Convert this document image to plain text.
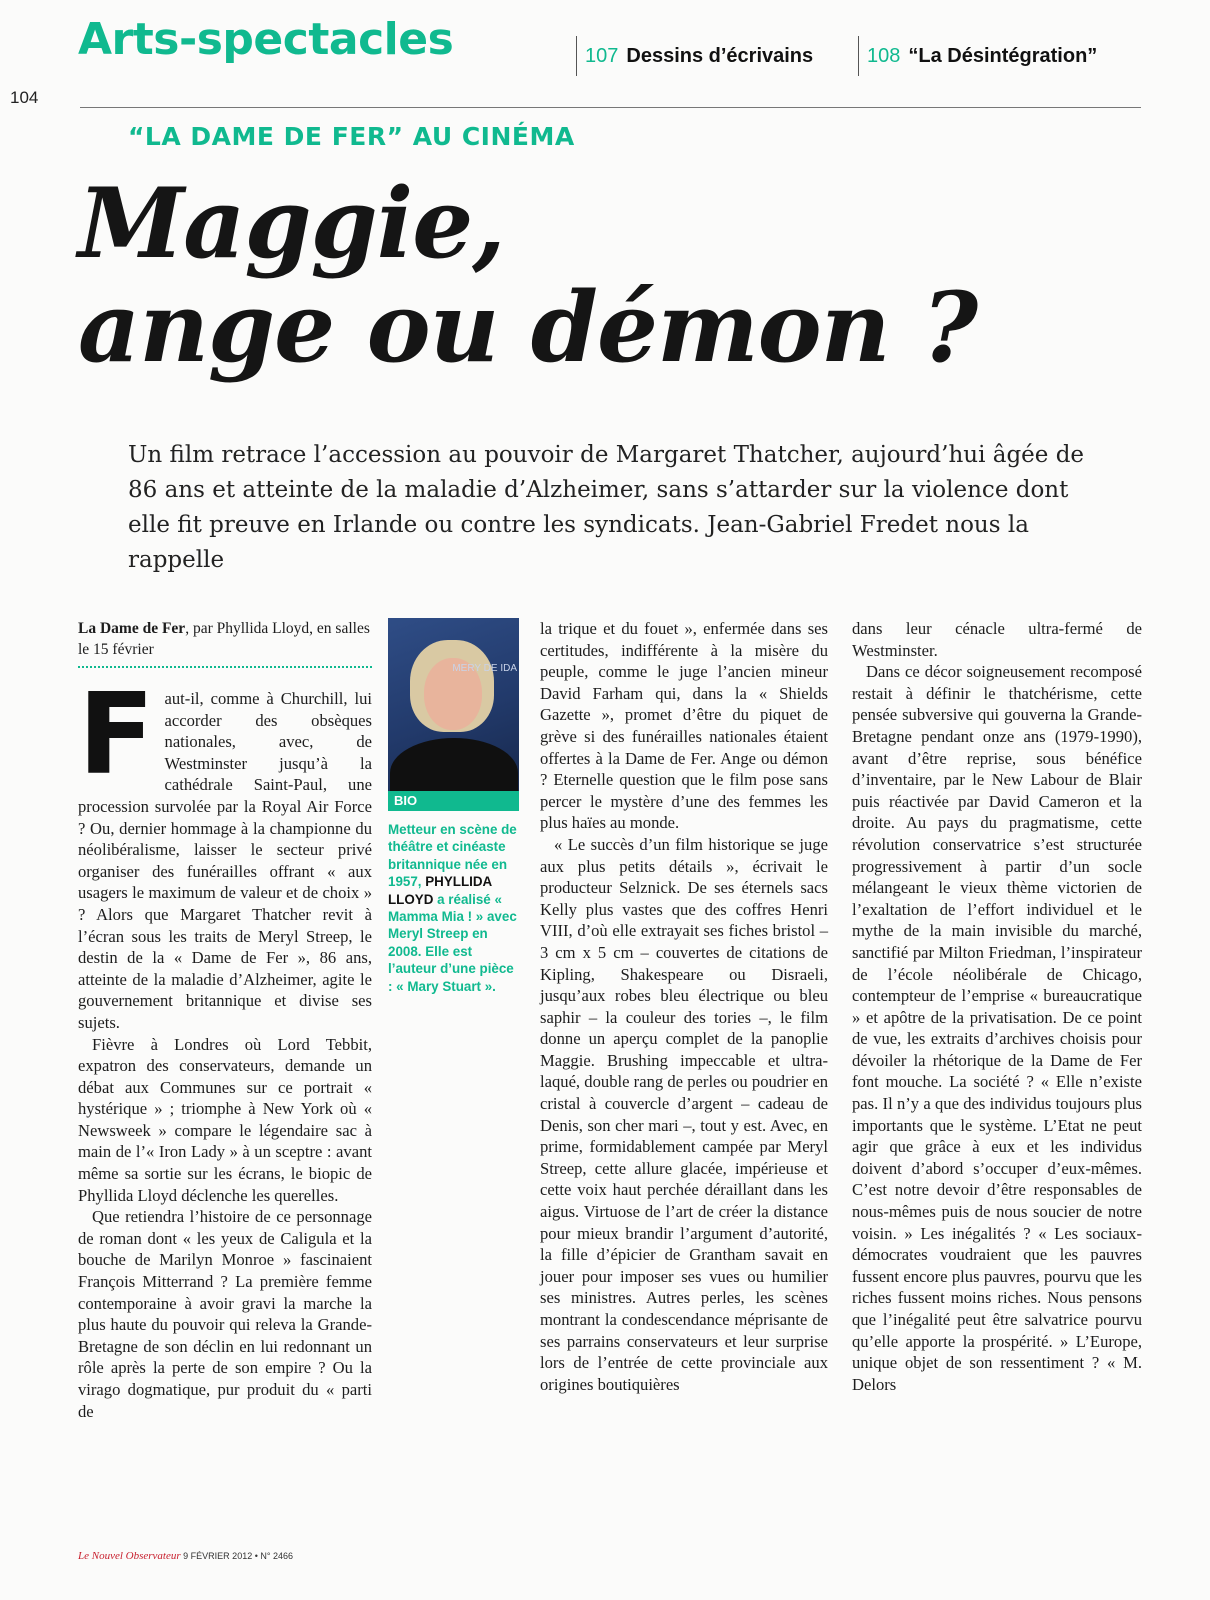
Arts-spectacles	107 Dessins d’écrivains	108 “La Désintégration”
104
“LA DAME DE FER” AU CINÉMA
Maggie,
ange ou démon ?

Un film retrace l’accession au pouvoir de Margaret Thatcher, aujourd’hui âgée de 86 ans et atteinte de la maladie d’Alzheimer, sans s’attarder sur la violence dont elle fit preuve en Irlande ou contre les syndicats. Jean-Gabriel Fredet nous la rappelle

La Dame de Fer, par Phyllida Lloyd, en salles le 15 février

Faut-il, comme à Churchill, lui accorder des obsèques nationales, avec, de Westminster jusqu’à la cathédrale Saint-Paul, une procession survolée par la Royal Air Force ? Ou, dernier hommage à la championne du néolibéralisme, laisser le secteur privé organiser des funérailles offrant « aux usagers le maximum de valeur et de choix » ? Alors que Margaret Thatcher revit à l’écran sous les traits de Meryl Streep, le destin de la « Dame de Fer », 86 ans, atteinte de la maladie d’Alzheimer, agite le gouvernement britannique et divise ses sujets.

Fièvre à Londres où Lord Tebbit, expatron des conservateurs, demande un débat aux Communes sur ce portrait « hystérique » ; triomphe à New York où « Newsweek » compare le légendaire sac à main de l’« Iron Lady » à un sceptre : avant même sa sortie sur les écrans, le biopic de Phyllida Lloyd déclenche les querelles.

Que retiendra l’histoire de ce personnage de roman dont « les yeux de Caligula et la bouche de Marilyn Monroe » fascinaient François Mitterrand ? La première femme contemporaine à avoir gravi la marche la plus haute du pouvoir qui releva la Grande-Bretagne de son déclin en lui redonnant un rôle après la perte de son empire ? Ou la virago dogmatique, pur produit du « parti de

MERY DE IDA
BIO

Metteur en scène de théâtre et cinéaste britannique née en 1957, PHYLLIDA LLOYD a réalisé « Mamma Mia ! » avec Meryl Streep en 2008. Elle est l’auteur d’une pièce : « Mary Stuart ».

la trique et du fouet », enfermée dans ses certitudes, indifférente à la misère du peuple, comme le juge l’ancien mineur David Farham qui, dans la « Shields Gazette », promet d’être du piquet de grève si des funérailles nationales étaient offertes à la Dame de Fer. Ange ou démon ? Eternelle question que le film pose sans percer le mystère d’une des femmes les plus haïes au monde.

« Le succès d’un film historique se juge aux plus petits détails », écrivait le producteur Selznick. De ses éternels sacs Kelly plus vastes que des coffres Henri VIII, d’où elle extrayait ses fiches bristol – 3 cm x 5 cm – couvertes de citations de Kipling, Shakespeare ou Disraeli, jusqu’aux robes bleu électrique ou bleu saphir – la couleur des tories –, le film donne un aperçu complet de la panoplie Maggie. Brushing impeccable et ultra-laqué, double rang de perles ou poudrier en cristal à couvercle d’argent – cadeau de Denis, son cher mari –, tout y est. Avec, en prime, formidablement campée par Meryl Streep, cette allure glacée, impérieuse et cette voix haut perchée déraillant dans les aigus. Virtuose de l’art de créer la distance pour mieux brandir l’argument d’autorité, la fille d’épicier de Grantham savait en jouer pour imposer ses vues ou humilier ses ministres. Autres perles, les scènes montrant la condescendance méprisante de ses parrains conservateurs et leur surprise lors de l’entrée de cette provinciale aux origines boutiquières

dans leur cénacle ultra-fermé de Westminster.

Dans ce décor soigneusement recomposé restait à définir le thatchérisme, cette pensée subversive qui gouverna la Grande-Bretagne pendant onze ans (1979-1990), avant d’être reprise, sous bénéfice d’inventaire, par le New Labour de Blair puis réactivée par David Cameron et la droite. Au pays du pragmatisme, cette révolution conservatrice s’est structurée progressivement à partir d’un socle mélangeant le vieux thème victorien de l’exaltation de l’effort individuel et le mythe de la main invisible du marché, sanctifié par Milton Friedman, l’inspirateur de l’école néolibérale de Chicago, contempteur de l’emprise « bureaucratique » et apôtre de la privatisation. De ce point de vue, les extraits d’archives choisis pour dévoiler la rhétorique de la Dame de Fer font mouche. La société ? « Elle n’existe pas. Il n’y a que des individus toujours plus importants que le système. L’Etat ne peut agir que grâce à eux et les individus doivent d’abord s’occuper d’eux-mêmes. C’est notre devoir d’être responsables de nous-mêmes puis de nous soucier de notre voisin. » Les inégalités ? « Les sociaux-démocrates voudraient que les pauvres fussent encore plus pauvres, pourvu que les riches fussent moins riches. Nous pensons que l’inégalité peut être salvatrice pourvu qu’elle apporte la prospérité. » L’Europe, unique objet de son ressentiment ? « M. Delors

Le Nouvel Observateur 9 FÉVRIER 2012 • N° 2466
